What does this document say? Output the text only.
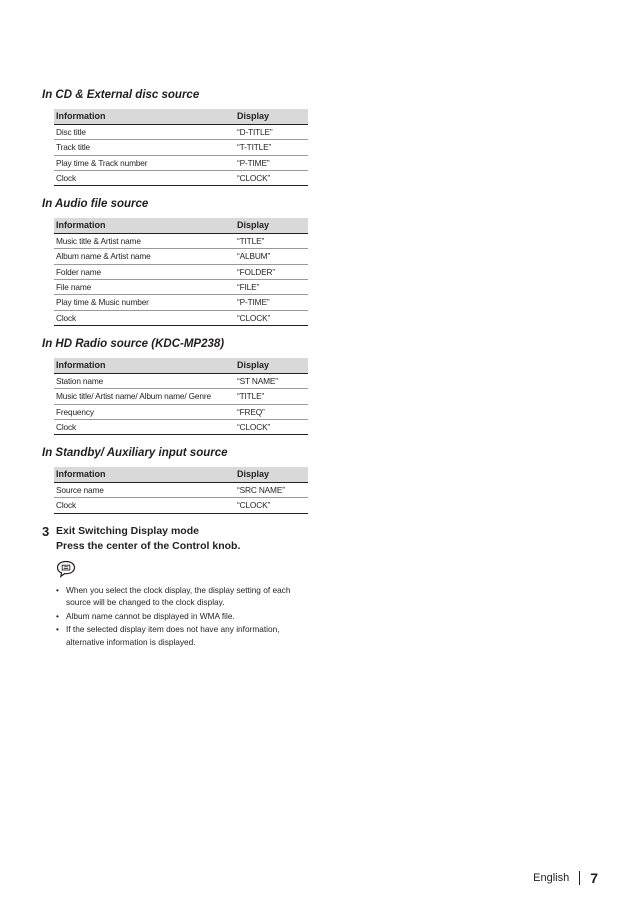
In CD & External disc source
Information	Display
Disc title	“D-TITLE”
Track title	“T-TITLE”
Play time & Track number	“P-TIME”
Clock	“CLOCK”
In Audio file source
Information	Display
Music title & Artist name	“TITLE”
Album name & Artist name	“ALBUM”
Folder name	“FOLDER”
File name	“FILE”
Play time & Music number	“P-TIME”
Clock	“CLOCK”
In HD Radio source (KDC-MP238)
Information	Display
Station name	“ST NAME”
Music title/ Artist name/ Album name/ Genre	“TITLE”
Frequency	“FREQ”
Clock	“CLOCK”
In Standby/ Auxiliary input source
Information	Display
Source name	“SRC NAME”
Clock	“CLOCK”
3 Exit Switching Display mode
Press the center of the Control knob.
• When you select the clock display, the display setting of each source will be changed to the clock display.
• Album name cannot be displayed in WMA file.
• If the selected display item does not have any information, alternative information is displayed.
English 7
